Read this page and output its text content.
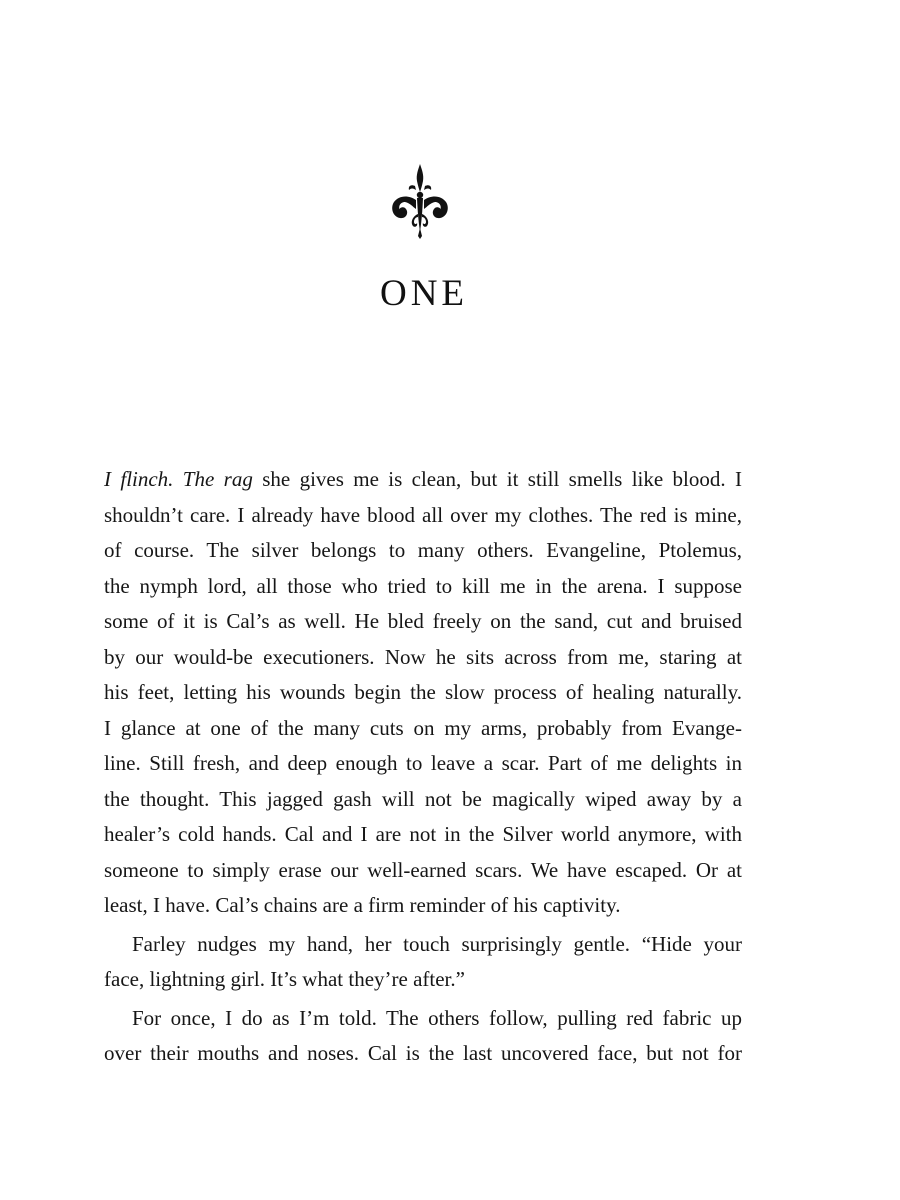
ONE
I flinch. The rag she gives me is clean, but it still smells like blood. I
shouldn’t care. I already have blood all over my clothes. The red is mine,
of course. The silver belongs to many others. Evangeline, Ptolemus,
the nymph lord, all those who tried to kill me in the arena. I suppose
some of it is Cal’s as well. He bled freely on the sand, cut and bruised
by our would-be executioners. Now he sits across from me, staring at
his feet, letting his wounds begin the slow process of healing naturally.
I glance at one of the many cuts on my arms, probably from Evange-
line. Still fresh, and deep enough to leave a scar. Part of me delights in
the thought. This jagged gash will not be magically wiped away by a
healer’s cold hands. Cal and I are not in the Silver world anymore, with
someone to simply erase our well-earned scars. We have escaped. Or at
least, I have. Cal’s chains are a firm reminder of his captivity.
Farley nudges my hand, her touch surprisingly gentle. “Hide your
face, lightning girl. It’s what they’re after.”
For once, I do as I’m told. The others follow, pulling red fabric up
over their mouths and noses. Cal is the last uncovered face, but not for
